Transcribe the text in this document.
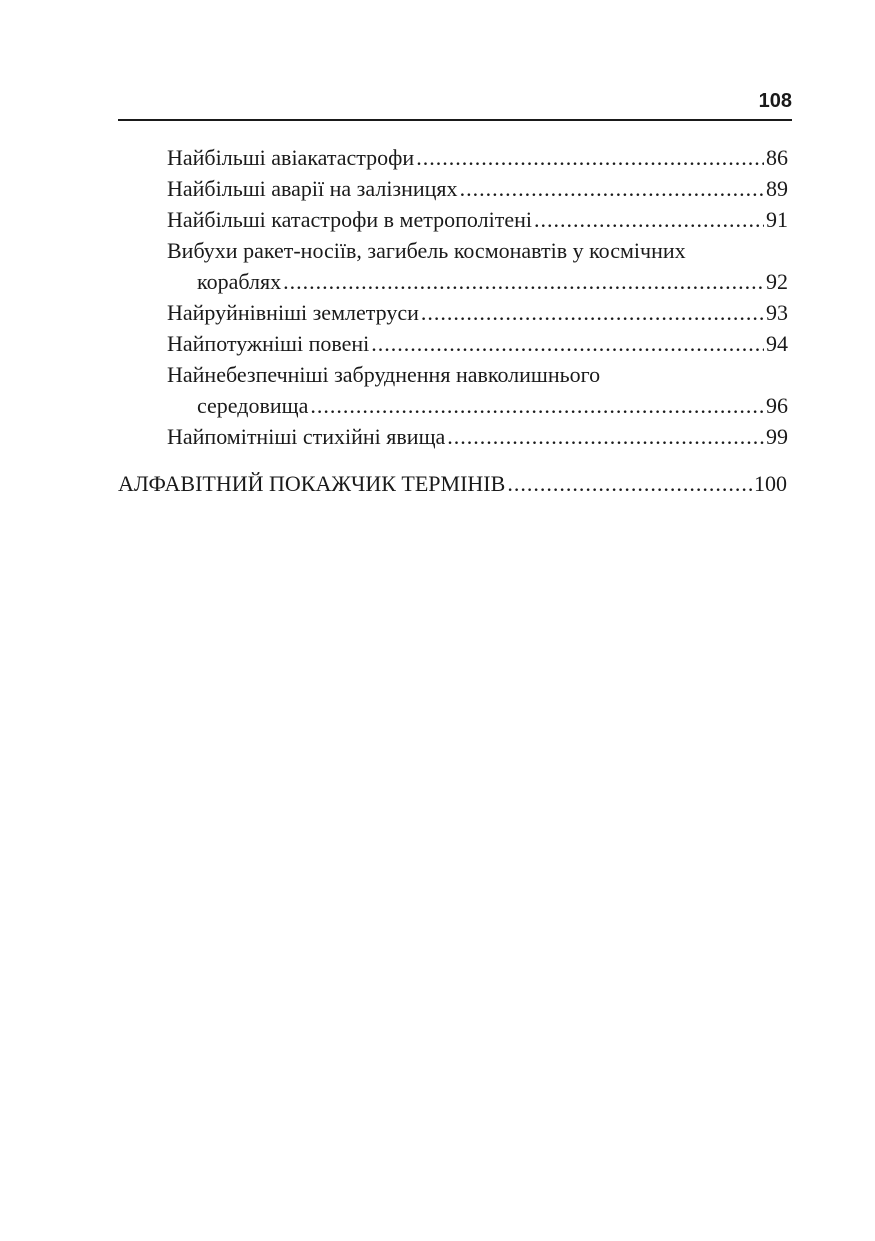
108
Найбільші авіакатастрофи .....	86
Найбільші аварії на залізницях .....	89
Найбільші катастрофи в метрополітені .....	91
Вибухи ракет-носіїв, загибель космонавтів у космічних
кораблях .....	92
Найруйнівніші землетруси .....	93
Найпотужніші повені .....	94
Найнебезпечніші забруднення навколишнього
середовища .....	96
Найпомітніші стихійні явища .....	99
АЛФАВІТНИЙ ПОКАЖЧИК ТЕРМІНІВ .....	100
